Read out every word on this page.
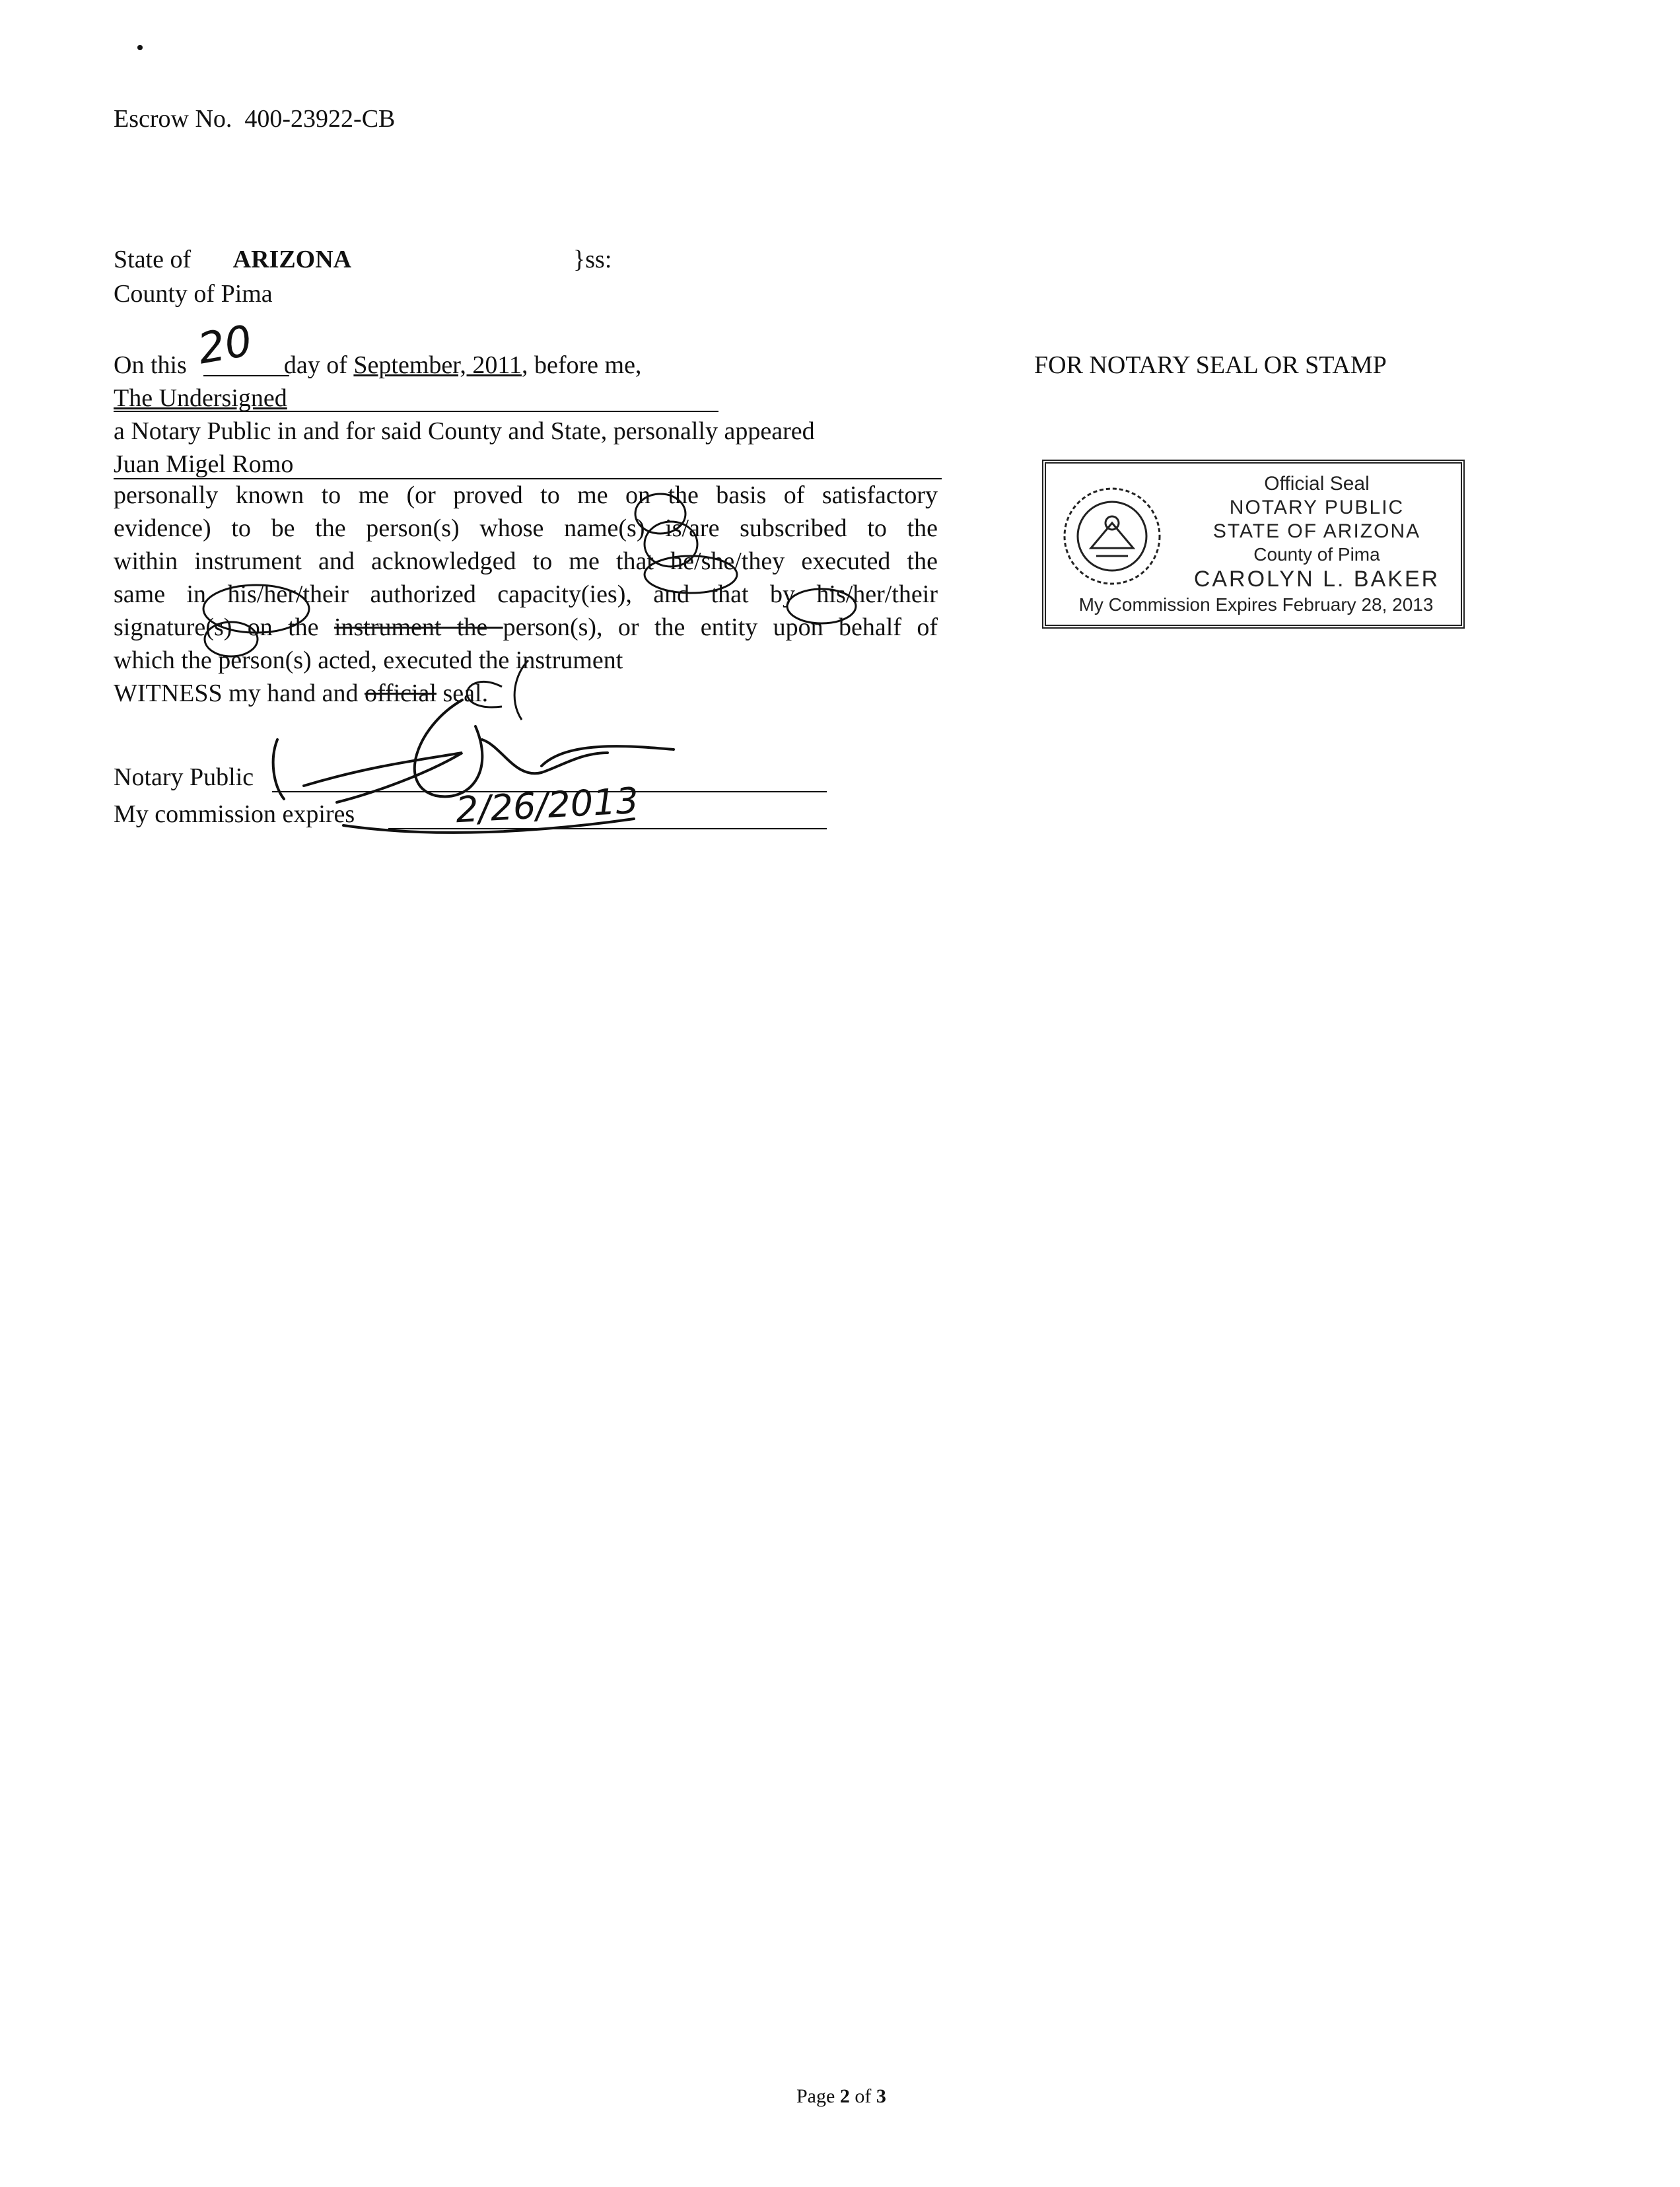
Escrow No. 400-23922-CB
State of ARIZONA	}ss:
County of Pima
On this	day of September, 2011, before me,
20
The Undersigned
a Notary Public in and for said County and State, personally appeared
Juan Migel Romo
personally known to me (or proved to me on the basis of satisfactory
evidence) to be the person(s) whose name(s) is/are subscribed to the
within instrument and acknowledged to me that he/she/they executed the
same in his/her/their authorized capacity(ies), and that by his/her/their
signature(s) on the instrument the person(s), or the entity upon behalf of
which the person(s) acted, executed the instrument
WITNESS my hand and official seal.
Notary Public
My commission expires	2/26/2013
FOR NOTARY SEAL OR STAMP
Official Seal
NOTARY PUBLIC
STATE OF ARIZONA
County of Pima
CAROLYN L. BAKER
My Commission Expires February 28, 2013
Page 2 of 3
